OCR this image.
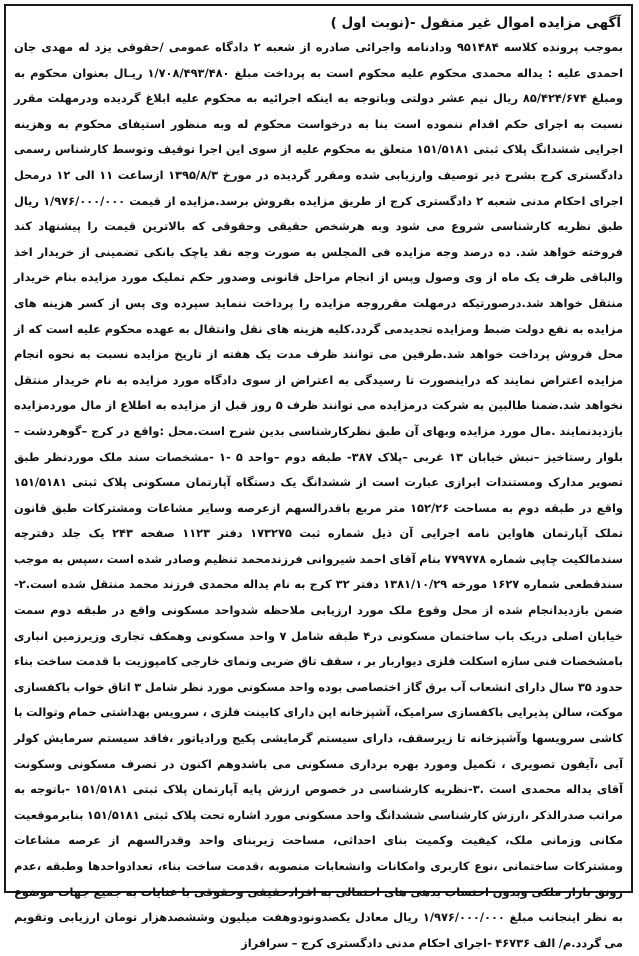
آگهی مزایده اموال غیر منقول -(نوبت اول )

بموجب پرونده کلاسه ۹۵۱۴۸۴ ودادنامه واجرائی صادره از شعبه ۲ دادگاه عمومی /حقوقی یزد له مهدی جان احمدی علیه : یداله محمدی محکوم علیه محکوم است به پرداخت مبلغ ۱/۷۰۸/۴۹۳/۴۸۰ ریـال بعنوان محکوم به ومبلغ ۸۵/۴۲۴/۶۷۴ ریال نیم عشر دولتی وباتوجه به اینکه اجرائیه به محکوم علیه ابلاغ گردیده ودرمهلت مقرر نسبت به اجرای حکم اقدام ننموده است بنا به درخواست محکوم له وبه منظور استیفای محکوم به وهزینه اجرایی ششدانگ پلاک ثبتی ۱۵۱/۵۱۸۱ متعلق به محکوم علیه از سوی این اجرا توقیف وتوسط کارشناس رسمی دادگستری کرج بشرح ذیر توصیف وارزیابی شده ومقرر گردیده در مورخ ۱۳۹۵/۸/۳ ازساعت ۱۱ الی ۱۲ درمحل اجرای احکام مدنی شعبه ۲ دادگستری کرج از طریق مزایده بفروش برسد.مزایده از قیمت ۱/۹۷۶/۰۰۰/۰۰۰ ریال طبق نظریه کارشناسی شروع می شود وبه هرشخص حقیقی وحقوقی که بالاترین قیمت را پیشنهاد کند فروخته خواهد شد. ده درصد وجه مزایده فی المجلس به صورت وجه نقد یاچک بانکی تضمینی از خریدار اخذ والباقی ظرف یک ماه از وی وصول وپس از انجام مراحل قانونی وصدور حکم تملیک مورد مزایده بنام خریدار منتقل خواهد شد.درصورتیکه درمهلت مقرروجه مزایده را پرداخت ننماید سپرده وی پس از کسر هزینه های مزایده به نفع دولت ضبط ومزایده تجدیدمی گردد.کلیه هزینه های نقل وانتقال به عهده محکوم علیه است که از محل فروش پرداخت خواهد شد.طرفین می توانند ظرف مدت یک هفته از تاریخ مزایده نسبت به نحوه انجام مزایده اعتراض نمایند که دراینصورت تا رسیدگی به اعتراض از سوی دادگاه مورد مزایده به نام خریدار منتقل نخواهد شد.ضمنا طالبین به شرکت درمزایده می توانند ظرف ۵ روز قبل از مزایده به اطلاع از مال موردمزایده بازدیدنمایند .مال مورد مزایده وبهای آن طبق نظرکارشناسی بدین شرح است.محل :واقع در کرج –گوهردشت –بلوار رستاخیز –نبش خیابان ۱۳ غربی –پلاک ۳۸۷- طبقه دوم –واحد ۵ -۱ -مشخصات سند ملک موردنظر طبق تصویر مدارک ومستندات ابرازی عبارت است از ششدانگ یک دستگاه آپارتمان مسکونی پلاک ثبتی ۱۵۱/۵۱۸۱ واقع در طبقه دوم به مساحت ۱۵۲/۲۶ متر مربع باقدرالسهم ازعرصه وسایر مشاعات ومشترکات طبق قانون تملک آپارتمان هاواین نامه اجرایی آن ذیل شماره ثبت ۱۷۳۲۷۵ دفتر ۱۱۲۳ صفحه ۲۴۳ یک جلد دفترچه سندمالکیت چاپی شماره ۷۷۹۷۷۸ بنام آقای احمد شیروانی فرزندمحمد تنظیم وصادر شده است ،سپس به موجب سندقطعی شماره ۱۶۲۷ مورخه ۱۳۸۱/۱۰/۲۹ دفتر ۳۲ کرج به نام یداله محمدی فرزند محمد منتقل شده است.۲-ضمن بازدیدانجام شده از محل وقوع ملک مورد ارزیابی ملاحظه شدواحد مسکونی واقع در طبقه دوم سمت خیابان اصلی دریک باب ساختمان مسکونی در۴ طبقه شامل ۷ واحد مسکونی وهمکف تجاری وزیرزمین انباری بامشخصات فنی سازه اسکلت فلزی دیواربار بر ، سقف تاق ضربی ونمای خارجی کامپوزیت با قدمت ساخت بناء حدود ۳۵ سال دارای انشعاب آب برق گاز اختصاصی بوده واحد مسکونی مورد نظر شامل ۳ اتاق خواب باکفسازی موکت، سالن پذیرایی باکفسازی سرامیک، آشپزخانه اپن دارای کابینت فلزی ، سرویس بهداشتی حمام وتوالت با کاشی سرویسها وآشپزخانه تا زیرسقف، دارای سیستم گرمایشی پکیج ورادیاتور ،فاقد سیستم سرمایش کولر آبی ،آیفون تصویری ، تکمیل ومورد بهره برداری مسکونی می باشدوهم اکنون در تصرف مسکونی وسکونت آقای یداله محمدی است .۳-نظریه کارشناسی در خصوص ارزش پایه آپارتمان پلاک ثبتی ۱۵۱/۵۱۸۱ -باتوجه به مراتب صدرالذکر ،ارزش کارشناسی ششدانگ واحد مسکونی مورد اشاره تحت پلاک ثبتی ۱۵۱/۵۱۸۱ بنابرموقعیت مکانی وزمانی ملک، کیفیت وکمیت بنای احداثی، مساحت زیربنای واحد وقدرالسهم از عرصه مشاعات ومشترکات ساختمانی ،نوع کاربری وامکانات وانشعابات منصوبه ،قدمت ساخت بناء، تعدادواحدها وطبقه ،عدم رونق بازار ملکی وبدون احتساب بدهی های احتمالی به افرادحقیقی وحقوقی با عنایات به جمیع جهات موضوع به نظر اینجانب مبلغ ۱/۹۷۶/۰۰۰/۰۰۰ ریال معادل یکصدونودوهفت میلیون وششصدهزار تومان ارزیابی وتقویم می گردد.م/ الف ۴۶۷۳۶ -اجرای احکام مدنی دادگستری کرج – سرافراز
